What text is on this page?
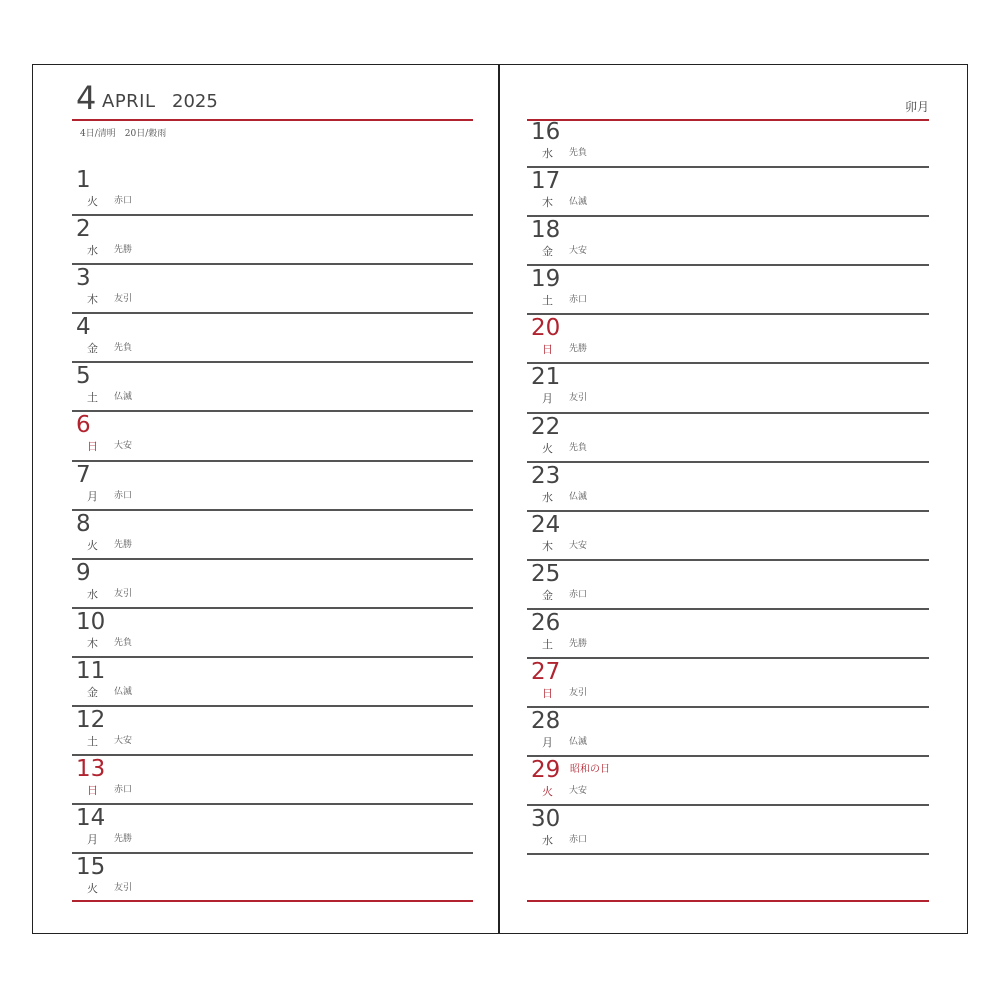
4 APRIL 2025
4日/清明　20日/穀雨
1
火 赤口
2
水 先勝
3
木 友引
4
金 先負
5
土 仏滅
6
日 大安
7
月 赤口
8
火 先勝
9
水 友引
10
木 先負
11
金 仏滅
12
土 大安
13
日 赤口
14
月 先勝
15
火 友引
卯月
16
水 先負
17
木 仏滅
18
金 大安
19
土 赤口
20
日 先勝
21
月 友引
22
火 先負
23
水 仏滅
24
木 大安
25
金 赤口
26
土 先勝
27
日 友引
28
月 仏滅
29
火 大安
昭和の日
30
水 赤口
